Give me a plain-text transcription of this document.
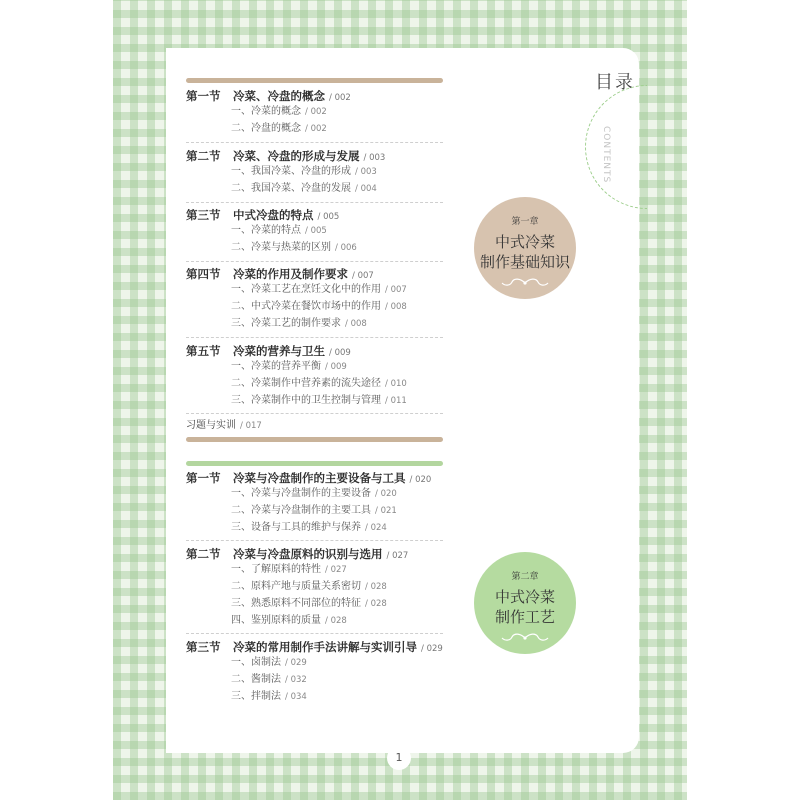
目录
CONTENTS
第一节 冷菜、冷盘的概念 / 002
一、冷菜的概念 / 002
二、冷盘的概念 / 002
第二节 冷菜、冷盘的形成与发展 / 003
一、我国冷菜、冷盘的形成 / 003
二、我国冷菜、冷盘的发展 / 004
第三节 中式冷盘的特点 / 005
一、冷菜的特点 / 005
二、冷菜与热菜的区别 / 006
第四节 冷菜的作用及制作要求 / 007
一、冷菜工艺在烹饪文化中的作用 / 007
二、中式冷菜在餐饮市场中的作用 / 008
三、冷菜工艺的制作要求 / 008
第五节 冷菜的营养与卫生 / 009
一、冷菜的营养平衡 / 009
二、冷菜制作中营养素的流失途径 / 010
三、冷菜制作中的卫生控制与管理 / 011
习题与实训 / 017
第一节 冷菜与冷盘制作的主要设备与工具 / 020
一、冷菜与冷盘制作的主要设备 / 020
二、冷菜与冷盘制作的主要工具 / 021
三、设备与工具的维护与保养 / 024
第二节 冷菜与冷盘原料的识别与选用 / 027
一、了解原料的特性 / 027
二、原料产地与质量关系密切 / 028
三、熟悉原料不同部位的特征 / 028
四、鉴别原料的质量 / 028
第三节 冷菜的常用制作手法讲解与实训引导 / 029
一、卤制法 / 029
二、酱制法 / 032
三、拌制法 / 034
第一章
中式冷菜
制作基础知识
第二章
中式冷菜
制作工艺
1
